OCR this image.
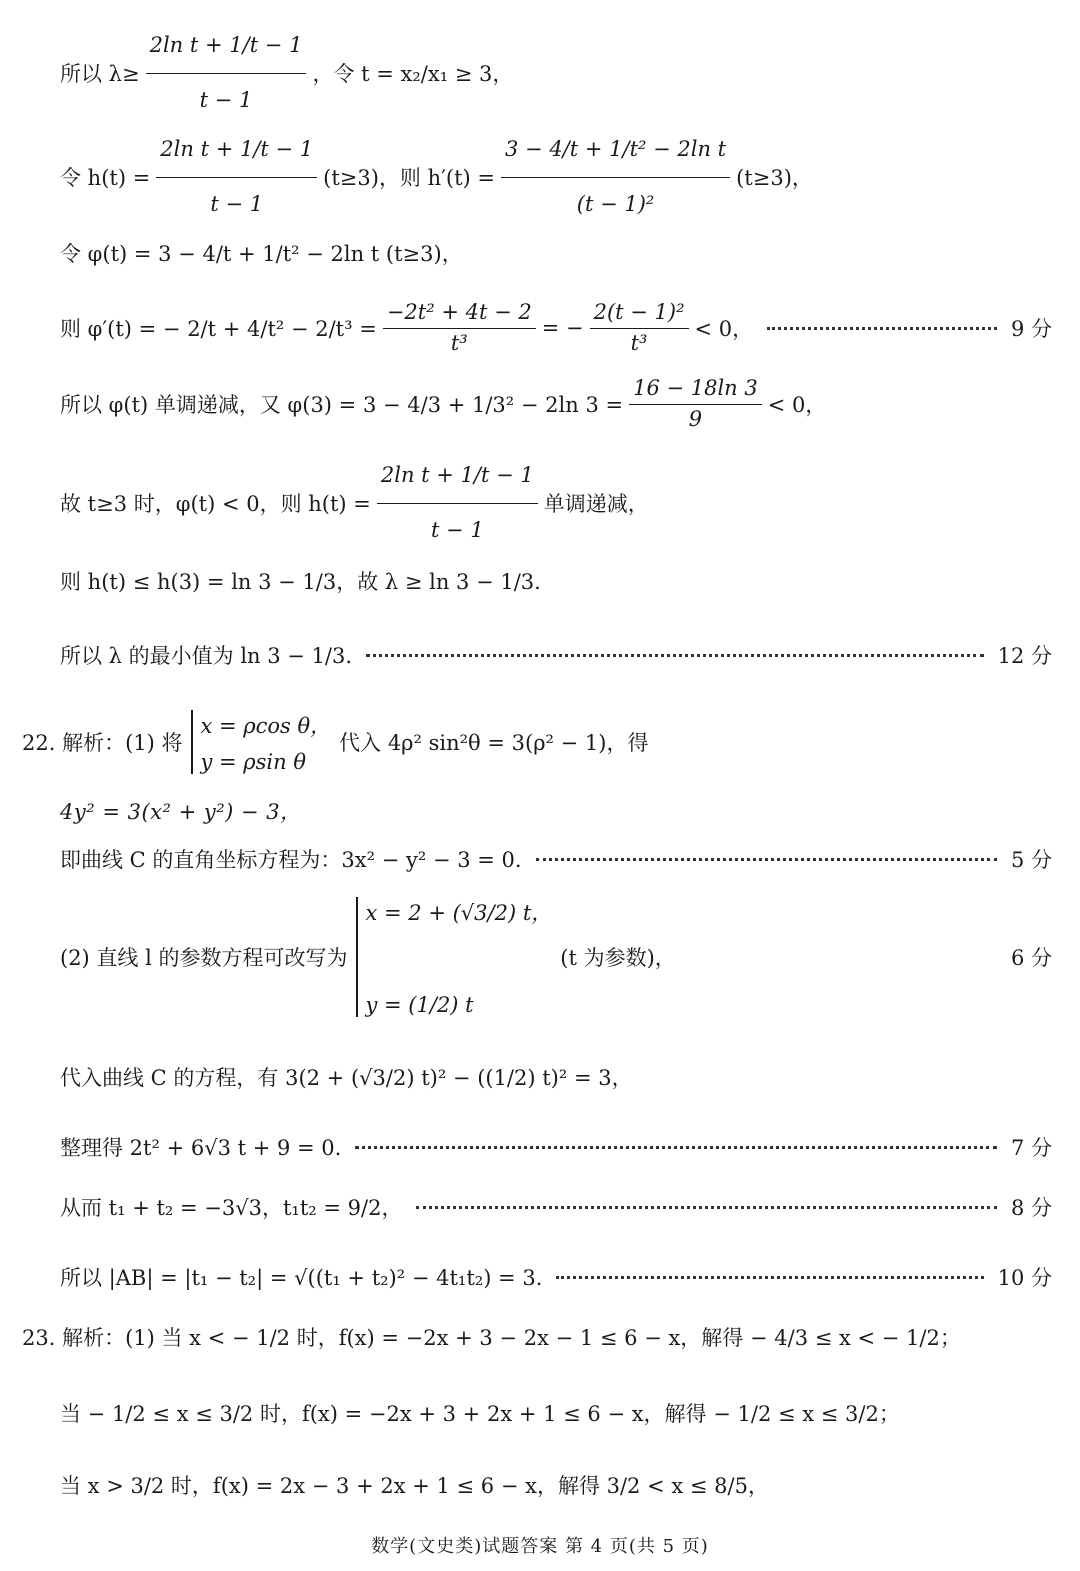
所以 $\lambda\ge \frac{\text{2ln t + 1/t − 1}}{t - 1}$ ，令 t = x₂/x₁ ≥ 3，
令 $h(t) = \frac{\text{2ln t + 1/t − 1}}{t - 1} (t\ge 3)$，则 $h'(t) = \frac{\text{3 − 4/t + 1/t² − 2ln t}}{\text{(t − 1)²}} (t\ge 3)$，
令 φ(t) = 3 − 4/t + 1/t² − 2ln t (t≥3)，
则 φ′(t) = − $2/t + 4/t^2 - 2/t^3 = \frac{\text{−2t² + 4t − 2}}{\text{t³}}$ = − $\frac{\text{2(t − 1)²}}{\text{t³}} < 0$，	9 分
所以 φ(t) 单调递减，又 φ(3) = 3 − 4/3 + 1/3² − 2ln $3 = \frac{16 - 18\ln 3}{9} < 0$，
故 t≥3 时，φ(t) < 0，则 $h(t) = \frac{\text{2ln t + 1/t − 1}}{t - 1}$ 单调递减，
则 h(t) ≤ h(3) = ln 3 − 1/3，故 λ ≥ ln 3 − 1/3.
所以 λ 的最小值为 ln 3 − 1/3.	12 分
22. 解析：(1) 将
x = ρcos θ，
y = ρsin θ
代入 4ρ² sin²θ = 3(ρ² − 1)，得
4y² = 3(x² + y²) − 3，
即曲线 C 的直角坐标方程为：3x² − y² − 3 = 0.	5 分
(2) 直线 l 的参数方程可改写为
x = 2 + (√3/2) t，
y = (1/2) t
(t 为参数)，	6 分
代入曲线 C 的方程，有 3(2 + (√3/2) t)² − ((1/2) t)² = 3，
整理得 2t² + 6√3 t + 9 = 0.	7 分
从而 t₁ + t₂ = −3√3，t₁t₂ = 9/2，	8 分
所以 |AB| = |t₁ − t₂| = √((t₁ + t₂)² − 4t₁t₂) = 3.	10 分
23. 解析：(1) 当 x < − 1/2 时，f(x) = −2x + 3 − 2x − 1 ≤ 6 − x，解得 − 4/3 ≤ x < − 1/2；
当 − 1/2 ≤ x ≤ 3/2 时，f(x) = −2x + 3 + 2x + 1 ≤ 6 − x，解得 − 1/2 ≤ x ≤ 3/2；
当 x > 3/2 时，f(x) = 2x − 3 + 2x + 1 ≤ 6 − x，解得 3/2 < x ≤ 8/5，
数学(文史类)试题答案 第 4 页(共 5 页)
